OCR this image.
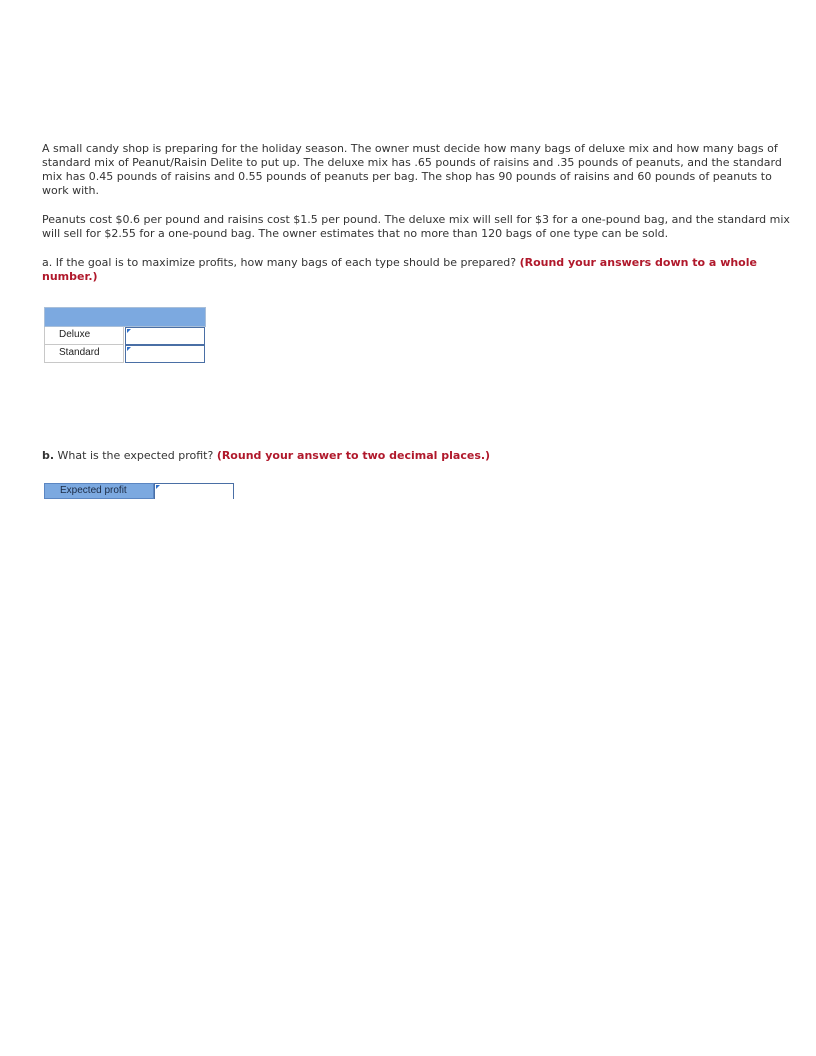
A small candy shop is preparing for the holiday season. The owner must decide how many bags of deluxe mix and how many bags of standard mix of Peanut/Raisin Delite to put up. The deluxe mix has .65 pounds of raisins and .35 pounds of peanuts, and the standard mix has 0.45 pounds of raisins and 0.55 pounds of peanuts per bag. The shop has 90 pounds of raisins and 60 pounds of peanuts to work with.

Peanuts cost $0.6 per pound and raisins cost $1.5 per pound. The deluxe mix will sell for $3 for a one-pound bag, and the standard mix will sell for $2.55 for a one-pound bag. The owner estimates that no more than 120 bags of one type can be sold.

a. If the goal is to maximize profits, how many bags of each type should be prepared? (Round your answers down to a whole number.)

Deluxe
Standard
b. What is the expected profit? (Round your answer to two decimal places.)
Expected profit
